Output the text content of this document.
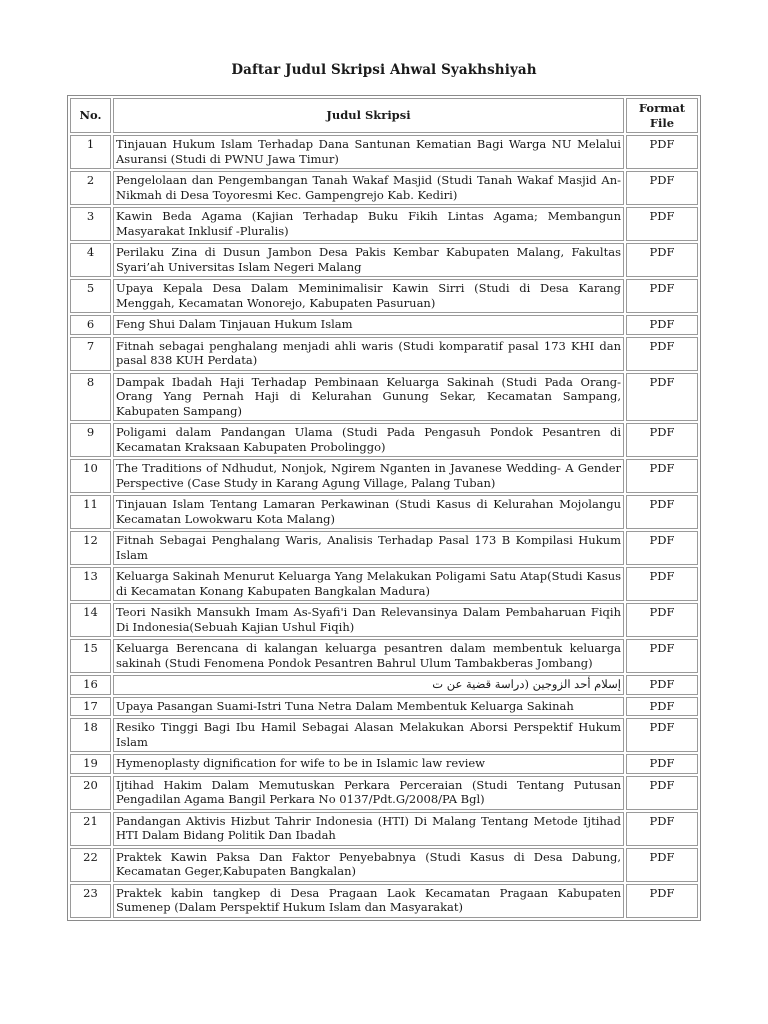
Daftar Judul Skripsi Ahwal Syakhshiyah
No.	Judul Skripsi	Format File
1	Tinjauan Hukum Islam Terhadap Dana Santunan Kematian Bagi Warga NU Melalui Asuransi (Studi di PWNU Jawa Timur)	PDF
2	Pengelolaan dan Pengembangan Tanah Wakaf Masjid (Studi Tanah Wakaf Masjid An-Nikmah di Desa Toyoresmi Kec. Gampengrejo Kab. Kediri)	PDF
3	Kawin Beda Agama (Kajian Terhadap Buku Fikih Lintas Agama; Membangun Masyarakat Inklusif -Pluralis)	PDF
4	Perilaku Zina di Dusun Jambon Desa Pakis Kembar Kabupaten Malang, Fakultas Syari’ah Universitas Islam Negeri Malang	PDF
5	Upaya Kepala Desa Dalam Meminimalisir Kawin Sirri (Studi di Desa Karang Menggah, Kecamatan Wonorejo, Kabupaten Pasuruan)	PDF
6	Feng Shui Dalam Tinjauan Hukum Islam	PDF
7	Fitnah sebagai penghalang menjadi ahli waris (Studi komparatif pasal 173 KHI dan pasal 838 KUH Perdata)	PDF
8	Dampak Ibadah Haji Terhadap Pembinaan Keluarga Sakinah (Studi Pada Orang-Orang Yang Pernah Haji di Kelurahan Gunung Sekar, Kecamatan Sampang, Kabupaten Sampang)	PDF
9	Poligami dalam Pandangan Ulama (Studi Pada Pengasuh Pondok Pesantren di Kecamatan Kraksaan Kabupaten Probolinggo)	PDF
10	The Traditions of Ndhudut, Nonjok, Ngirem Nganten in Javanese Wedding- A Gender Perspective (Case Study in Karang Agung Village, Palang Tuban)	PDF
11	Tinjauan Islam Tentang Lamaran Perkawinan (Studi Kasus di Kelurahan Mojolangu Kecamatan Lowokwaru Kota Malang)	PDF
12	Fitnah Sebagai Penghalang Waris, Analisis Terhadap Pasal 173 B Kompilasi Hukum Islam	PDF
13	Keluarga Sakinah Menurut Keluarga Yang Melakukan Poligami Satu Atap(Studi Kasus di Kecamatan Konang Kabupaten Bangkalan Madura)	PDF
14	Teori Nasikh Mansukh Imam As-Syafi'i Dan Relevansinya Dalam Pembaharuan Fiqih Di Indonesia(Sebuah Kajian Ushul Fiqih)	PDF
15	Keluarga Berencana di kalangan keluarga pesantren dalam membentuk keluarga sakinah (Studi Fenomena Pondok Pesantren Bahrul Ulum Tambakberas Jombang)	PDF
16	إسلام أحد الزوجين (دراسة قضية عن ت	PDF
17	Upaya Pasangan Suami-Istri Tuna Netra Dalam Membentuk Keluarga Sakinah	PDF
18	Resiko Tinggi Bagi Ibu Hamil Sebagai Alasan Melakukan Aborsi Perspektif Hukum Islam	PDF
19	Hymenoplasty dignification for wife to be in Islamic law review	PDF
20	Ijtihad Hakim Dalam Memutuskan Perkara Perceraian (Studi Tentang Putusan Pengadilan Agama Bangil Perkara No 0137/Pdt.G/2008/PA Bgl)	PDF
21	Pandangan Aktivis Hizbut Tahrir Indonesia (HTI) Di Malang Tentang Metode Ijtihad HTI Dalam Bidang Politik Dan Ibadah	PDF
22	Praktek Kawin Paksa Dan Faktor Penyebabnya (Studi Kasus di Desa Dabung, Kecamatan Geger,Kabupaten Bangkalan)	PDF
23	Praktek kabin tangkep di Desa Pragaan Laok Kecamatan Pragaan Kabupaten Sumenep (Dalam Perspektif Hukum Islam dan Masyarakat)	PDF
